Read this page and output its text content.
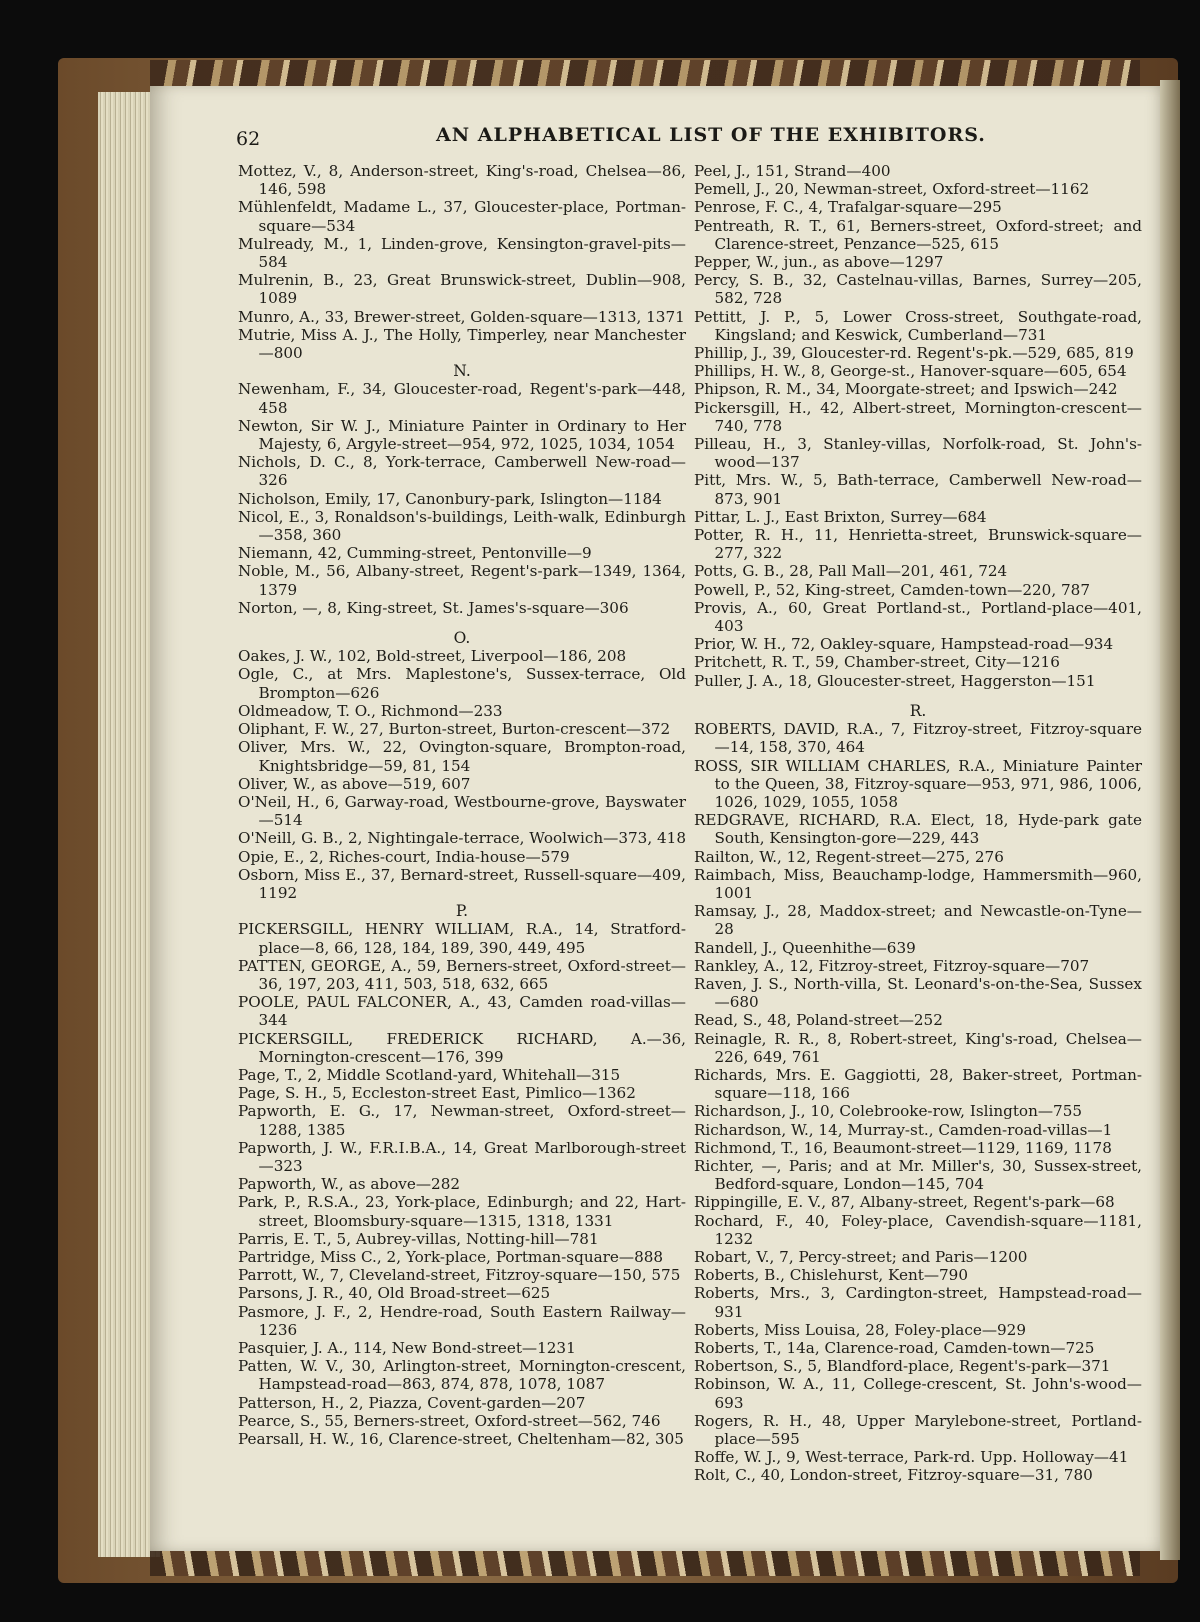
62	AN ALPHABETICAL LIST OF THE EXHIBITORS.

Mottez, V., 8, Anderson-street, King's-road, Chelsea—86, 146, 598

Mühlenfeldt, Madame L., 37, Gloucester-place, Portman-square—534

Mulready, M., 1, Linden-grove, Kensington-gravel-pits—584

Mulrenin, B., 23, Great Brunswick-street, Dublin—908, 1089

Munro, A., 33, Brewer-street, Golden-square—1313, 1371

Mutrie, Miss A. J., The Holly, Timperley, near Manchester—800

N.

Newenham, F., 34, Gloucester-road, Regent's-park—448, 458

Newton, Sir W. J., Miniature Painter in Ordinary to Her Majesty, 6, Argyle-street—954, 972, 1025, 1034, 1054

Nichols, D. C., 8, York-terrace, Camberwell New-road—326

Nicholson, Emily, 17, Canonbury-park, Islington—1184

Nicol, E., 3, Ronaldson's-buildings, Leith-walk, Edinburgh—358, 360

Niemann, 42, Cumming-street, Pentonville—9

Noble, M., 56, Albany-street, Regent's-park—1349, 1364, 1379

Norton, —, 8, King-street, St. James's-square—306

O.

Oakes, J. W., 102, Bold-street, Liverpool—186, 208

Ogle, C., at Mrs. Maplestone's, Sussex-terrace, Old Brompton—626

Oldmeadow, T. O., Richmond—233

Oliphant, F. W., 27, Burton-street, Burton-crescent—372

Oliver, Mrs. W., 22, Ovington-square, Brompton-road, Knightsbridge—59, 81, 154

Oliver, W., as above—519, 607

O'Neil, H., 6, Garway-road, Westbourne-grove, Bayswater—514

O'Neill, G. B., 2, Nightingale-terrace, Woolwich—373, 418

Opie, E., 2, Riches-court, India-house—579

Osborn, Miss E., 37, Bernard-street, Russell-square—409, 1192

P.

PICKERSGILL, HENRY WILLIAM, R.A., 14, Stratford-place—8, 66, 128, 184, 189, 390, 449, 495

PATTEN, GEORGE, A., 59, Berners-street, Oxford-street—36, 197, 203, 411, 503, 518, 632, 665

POOLE, PAUL FALCONER, A., 43, Camden road-villas—344

PICKERSGILL, FREDERICK RICHARD, A.—36, Mornington-crescent—176, 399

Page, T., 2, Middle Scotland-yard, Whitehall—315

Page, S. H., 5, Eccleston-street East, Pimlico—1362

Papworth, E. G., 17, Newman-street, Oxford-street—1288, 1385

Papworth, J. W., F.R.I.B.A., 14, Great Marlborough-street—323

Papworth, W., as above—282

Park, P., R.S.A., 23, York-place, Edinburgh; and 22, Hart-street, Bloomsbury-square—1315, 1318, 1331

Parris, E. T., 5, Aubrey-villas, Notting-hill—781

Partridge, Miss C., 2, York-place, Portman-square—888

Parrott, W., 7, Cleveland-street, Fitzroy-square—150, 575

Parsons, J. R., 40, Old Broad-street—625

Pasmore, J. F., 2, Hendre-road, South Eastern Railway—1236

Pasquier, J. A., 114, New Bond-street—1231

Patten, W. V., 30, Arlington-street, Mornington-crescent, Hampstead-road—863, 874, 878, 1078, 1087

Patterson, H., 2, Piazza, Covent-garden—207

Pearce, S., 55, Berners-street, Oxford-street—562, 746

Pearsall, H. W., 16, Clarence-street, Cheltenham—82, 305

Peel, J., 151, Strand—400

Pemell, J., 20, Newman-street, Oxford-street—1162

Penrose, F. C., 4, Trafalgar-square—295

Pentreath, R. T., 61, Berners-street, Oxford-street; and Clarence-street, Penzance—525, 615

Pepper, W., jun., as above—1297

Percy, S. B., 32, Castelnau-villas, Barnes, Surrey—205, 582, 728

Pettitt, J. P., 5, Lower Cross-street, Southgate-road, Kingsland; and Keswick, Cumberland—731

Phillip, J., 39, Gloucester-rd. Regent's-pk.—529, 685, 819

Phillips, H. W., 8, George-st., Hanover-square—605, 654

Phipson, R. M., 34, Moorgate-street; and Ipswich—242

Pickersgill, H., 42, Albert-street, Mornington-crescent—740, 778

Pilleau, H., 3, Stanley-villas, Norfolk-road, St. John's-wood—137

Pitt, Mrs. W., 5, Bath-terrace, Camberwell New-road—873, 901

Pittar, L. J., East Brixton, Surrey—684

Potter, R. H., 11, Henrietta-street, Brunswick-square—277, 322

Potts, G. B., 28, Pall Mall—201, 461, 724

Powell, P., 52, King-street, Camden-town—220, 787

Provis, A., 60, Great Portland-st., Portland-place—401, 403

Prior, W. H., 72, Oakley-square, Hampstead-road—934

Pritchett, R. T., 59, Chamber-street, City—1216

Puller, J. A., 18, Gloucester-street, Haggerston—151

R.

ROBERTS, DAVID, R.A., 7, Fitzroy-street, Fitzroy-square—14, 158, 370, 464

ROSS, SIR WILLIAM CHARLES, R.A., Miniature Painter to the Queen, 38, Fitzroy-square—953, 971, 986, 1006, 1026, 1029, 1055, 1058

REDGRAVE, RICHARD, R.A. Elect, 18, Hyde-park gate South, Kensington-gore—229, 443

Railton, W., 12, Regent-street—275, 276

Raimbach, Miss, Beauchamp-lodge, Hammersmith—960, 1001

Ramsay, J., 28, Maddox-street; and Newcastle-on-Tyne—28

Randell, J., Queenhithe—639

Rankley, A., 12, Fitzroy-street, Fitzroy-square—707

Raven, J. S., North-villa, St. Leonard's-on-the-Sea, Sussex—680

Read, S., 48, Poland-street—252

Reinagle, R. R., 8, Robert-street, King's-road, Chelsea—226, 649, 761

Richards, Mrs. E. Gaggiotti, 28, Baker-street, Portman-square—118, 166

Richardson, J., 10, Colebrooke-row, Islington—755

Richardson, W., 14, Murray-st., Camden-road-villas—1

Richmond, T., 16, Beaumont-street—1129, 1169, 1178

Richter, —, Paris; and at Mr. Miller's, 30, Sussex-street, Bedford-square, London—145, 704

Rippingille, E. V., 87, Albany-street, Regent's-park—68

Rochard, F., 40, Foley-place, Cavendish-square—1181, 1232

Robart, V., 7, Percy-street; and Paris—1200

Roberts, B., Chislehurst, Kent—790

Roberts, Mrs., 3, Cardington-street, Hampstead-road—931

Roberts, Miss Louisa, 28, Foley-place—929

Roberts, T., 14a, Clarence-road, Camden-town—725

Robertson, S., 5, Blandford-place, Regent's-park—371

Robinson, W. A., 11, College-crescent, St. John's-wood—693

Rogers, R. H., 48, Upper Marylebone-street, Portland-place—595

Roffe, W. J., 9, West-terrace, Park-rd. Upp. Holloway—41

Rolt, C., 40, London-street, Fitzroy-square—31, 780
